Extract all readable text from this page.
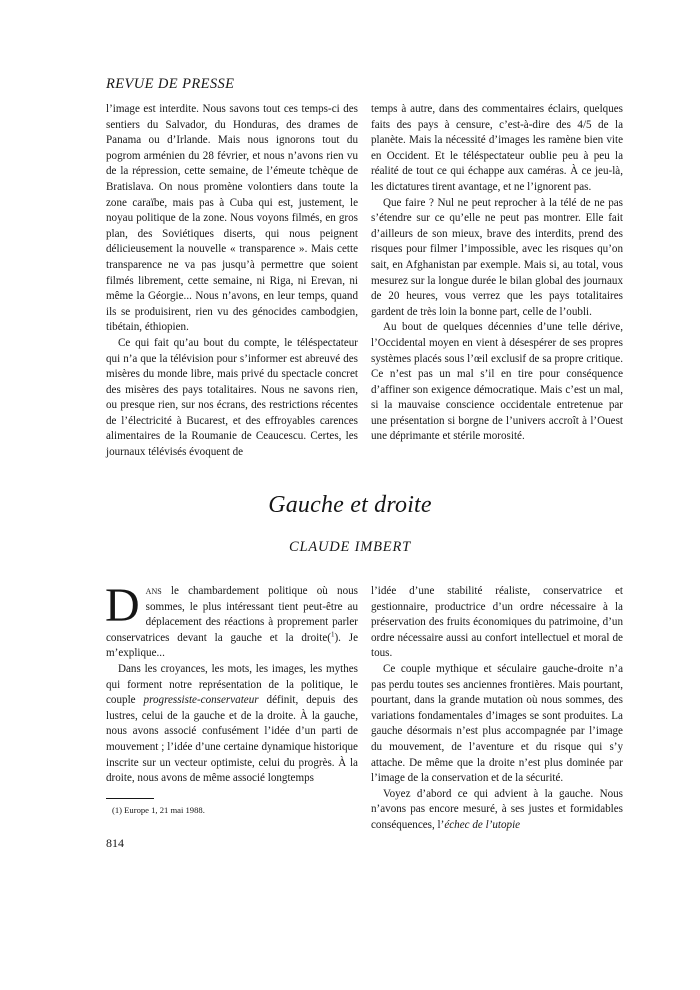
REVUE DE PRESSE

l’image est interdite. Nous savons tout ces temps-ci des sentiers du Salvador, du Honduras, des drames de Panama ou d’Irlande. Mais nous ignorons tout du pogrom arménien du 28 février, et nous n’avons rien vu de la répression, cette semaine, de l’émeute tchèque de Bratislava. On nous promène volontiers dans toute la zone caraïbe, mais pas à Cuba qui est, justement, le noyau politique de la zone. Nous voyons filmés, en gros plan, des Soviétiques diserts, qui nous peignent délicieusement la nouvelle « transparence ». Mais cette transparence ne va pas jusqu’à permettre que soient filmés librement, cette semaine, ni Riga, ni Erevan, ni même la Géorgie... Nous n’avons, en leur temps, quand ils se produisirent, rien vu des génocides cambodgien, tibétain, éthiopien.

Ce qui fait qu’au bout du compte, le téléspectateur qui n’a que la télévision pour s’informer est abreuvé des misères du monde libre, mais privé du spectacle concret des misères des pays totalitaires. Nous ne savons rien, ou presque rien, sur nos écrans, des restrictions récentes de l’électricité à Bucarest, et des effroyables carences alimentaires de la Roumanie de Ceaucescu. Certes, les journaux télévisés évoquent de

temps à autre, dans des commentaires éclairs, quelques faits des pays à censure, c’est-à-dire des 4/5 de la planète. Mais la nécessité d’images les ramène bien vite en Occident. Et le téléspectateur oublie peu à peu la réalité de tout ce qui échappe aux caméras. À ce jeu-là, les dictatures tirent avantage, et ne l’ignorent pas.

Que faire ? Nul ne peut reprocher à la télé de ne pas s’étendre sur ce qu’elle ne peut pas montrer. Elle fait d’ailleurs de son mieux, brave des interdits, prend des risques pour filmer l’impossible, avec les risques qu’on sait, en Afghanistan par exemple. Mais si, au total, vous mesurez sur la longue durée le bilan global des journaux de 20 heures, vous verrez que les pays totalitaires gardent de très loin la bonne part, celle de l’oubli.

Au bout de quelques décennies d’une telle dérive, l’Occidental moyen en vient à désespérer de ses propres systèmes placés sous l’œil exclusif de sa propre critique. Ce n’est pas un mal s’il en tire pour conséquence d’affiner son exigence démocratique. Mais c’est un mal, si la mauvaise conscience occidentale entretenue par une présentation si borgne de l’univers accroît à l’Ouest une déprimante et stérile morosité.

Gauche et droite
CLAUDE IMBERT

Dans le chambardement politique où nous sommes, le plus intéressant tient peut-être au déplacement des réactions à proprement parler conservatrices devant la gauche et la droite($^1$). Je m’explique...

Dans les croyances, les mots, les images, les mythes qui forment notre représentation de la politique, le couple progressiste-conservateur définit, depuis des lustres, celui de la gauche et de la droite. À la gauche, nous avons associé confusément l’idée d’un parti de mouvement ; l’idée d’une certaine dynamique historique inscrite sur un vecteur optimiste, celui du progrès. À la droite, nous avons de même associé longtemps

l’idée d’une stabilité réaliste, conservatrice et gestionnaire, productrice d’un ordre nécessaire à la préservation des fruits économiques du patrimoine, d’un ordre nécessaire aussi au confort intellectuel et moral de tous.

Ce couple mythique et séculaire gauche-droite n’a pas perdu toutes ses anciennes frontières. Mais pourtant, pourtant, dans la grande mutation où nous sommes, des variations fondamentales d’images se sont produites. La gauche désormais n’est plus accompagnée par l’image du mouvement, de l’aventure et du risque qui s’y attache. De même que la droite n’est plus dominée par l’image de la conservation et de la sécurité.

Voyez d’abord ce qui advient à la gauche. Nous n’avons pas encore mesuré, à ses justes et formidables conséquences, l’échec de l’utopie

(1) Europe 1, 21 mai 1988.
814
